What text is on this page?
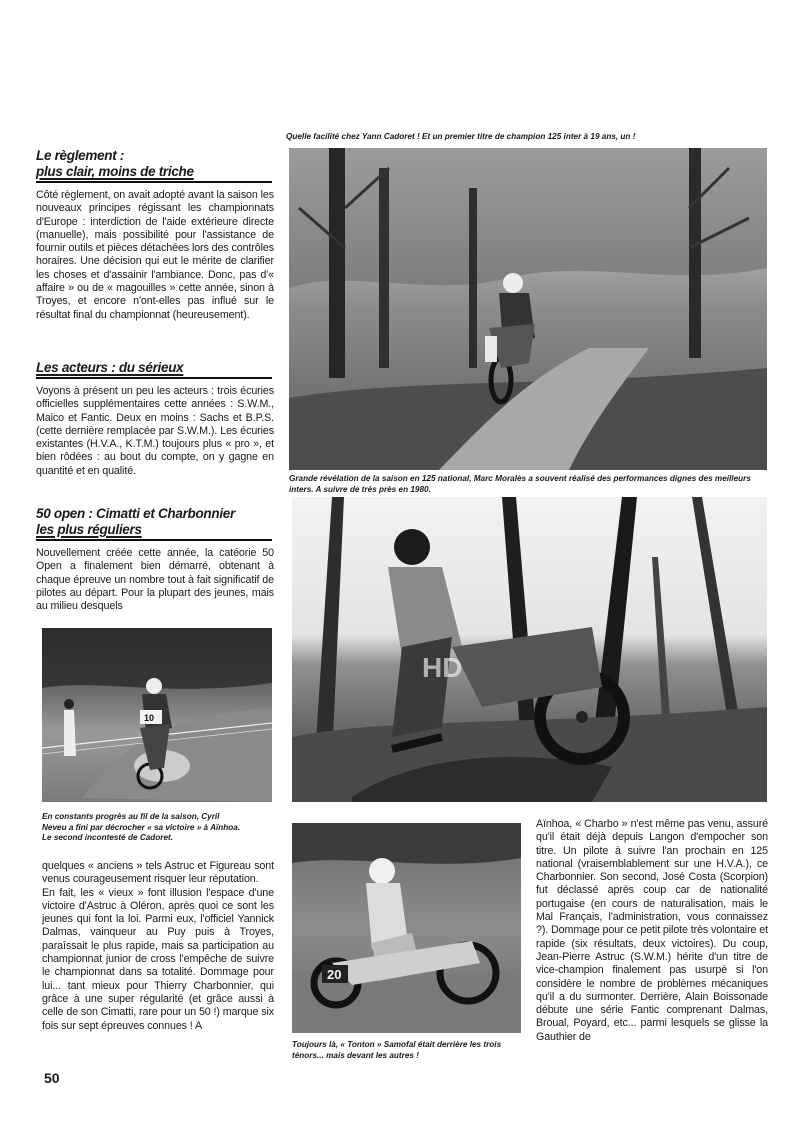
Le règlement :
plus clair, moins de triche
Côté règlement, on avait adopté avant la saison les nouveaux principes régissant les championnats d'Europe : interdiction de l'aide extérieure directe (manuelle), mais possibilité pour l'assistance de fournir outils et pièces détachées lors des contrôles horaires. Une décision qui eut le mérite de clarifier les choses et d'assainir l'ambiance. Donc, pas d'« affaire » ou de « magouilles » cette année, sinon à Troyes, et encore n'ont-elles pas influé sur le résultat final du championnat (heureusement).
Les acteurs : du sérieux
Voyons à présent un peu les acteurs : trois écuries officielles supplémentaires cette années : S.W.M., Maico et Fantic. Deux en moins : Sachs et B.P.S. (cette dernière remplacée par S.W.M.). Les écuries existantes (H.V.A., K.T.M.) toujours plus « pro », et bien rôdées : au bout du compte, on y gagne en quantité et en qualité.
50 open : Cimatti et Charbonnier
les plus réguliers
Nouvellement créée cette année, la catéorie 50 Open a finalement bien démarré, obtenant à chaque épreuve un nombre tout à fait significatif de pilotes au départ. Pour la plupart des jeunes, mais au milieu desquels
10
En constants progrès au fil de la saison, Cyril Neveu a fini par décrocher « sa victoire » à Aïnhoa. Le second incontesté de Cadoret.

quelques « anciens » tels Astruc et Figureau sont venus courageusement risquer leur réputation.

En fait, les « vieux » font illusion l'espace d'une victoire d'Astruc à Oléron, après quoi ce sont les jeunes qui font la loi. Parmi eux, l'officiel Yannick Dalmas, vainqueur au Puy puis à Troyes, paraîssait le plus rapide, mais sa participation au championnat junior de cross l'empêche de suivre le championnat dans sa totalité. Dommage pour lui... tant mieux pour Thierry Charbonnier, qui grâce à une super régularité (et grâce aussi à celle de son Cimatti, rare pour un 50 !) marque six fois sur sept épreuves connues ! A

50
Quelle facilité chez Yann Cadoret ! Et un premier titre de champion 125 inter à 19 ans, un !
Grande révélation de la saison en 125 national, Marc Moralès a souvent réalisé des performances dignes des meilleurs inters. A suivre de très près en 1980.
HD
20
Toujours là, « Tonton » Samofal était derrière les trois ténors... mais devant les autres !
Aïnhoa, « Charbo » n'est même pas venu, assuré qu'il était déjà depuis Langon d'empocher son titre. Un pilote à suivre l'an prochain en 125 national (vraisemblablement sur une H.V.A.), ce Charbonnier. Son second, José Costa (Scorpion) fut déclassé après coup car de nationalité portugaise (en cours de naturalisation, mais le Mal Français, l'administration, vous connaissez ?). Dommage pour ce petit pilote très volontaire et rapide (six résultats, deux victoires). Du coup, Jean-Pierre Astruc (S.W.M.) hérite d'un titre de vice-champion finalement pas usurpé si l'on considère le nombre de problèmes mécaniques qu'il a du surmonter. Derrière, Alain Boissonade débute une série Fantic comprenant Dalmas, Broual, Poyard, etc... parmi lesquels se glisse la Gauthier de
